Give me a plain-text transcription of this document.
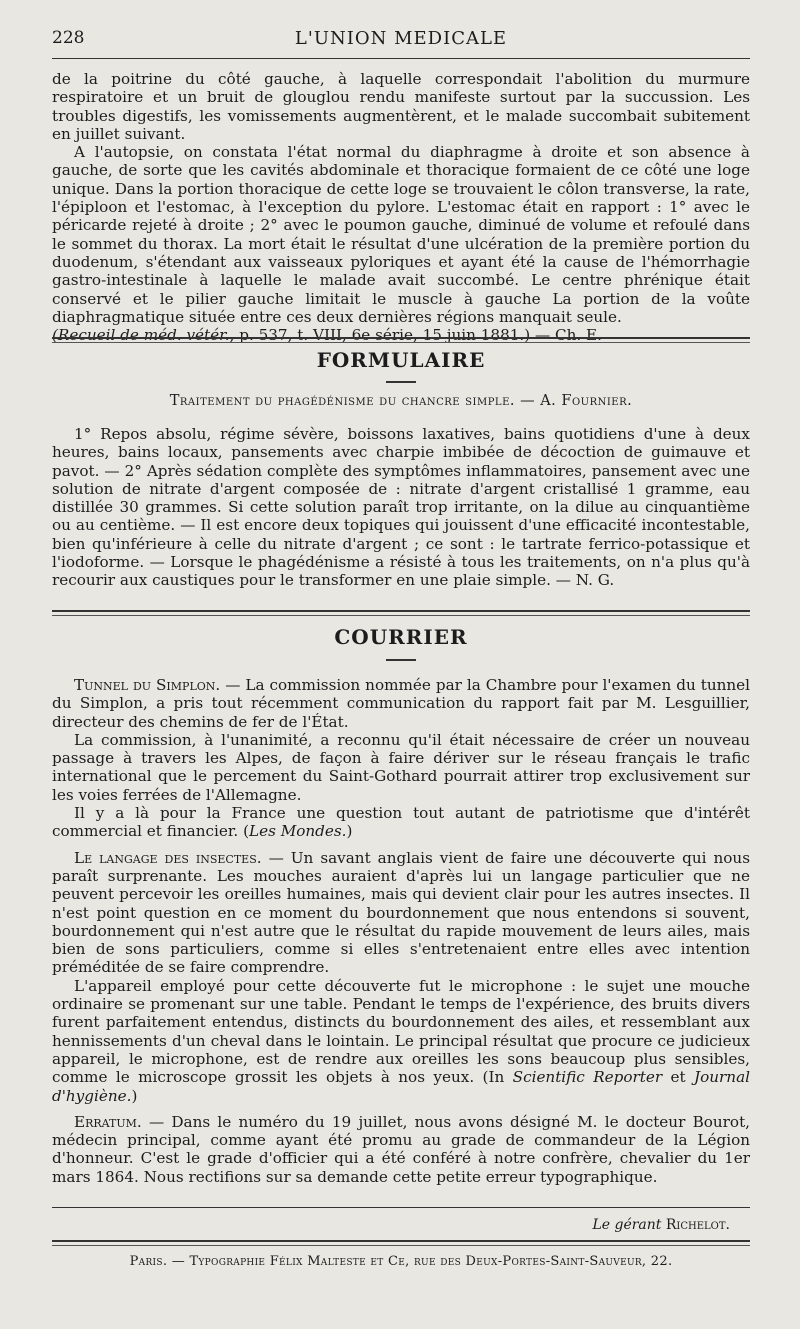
228	L'UNION MEDICALE

de la poitrine du côté gauche, à laquelle correspondait l'abolition du murmure respiratoire et un bruit de glouglou rendu manifeste surtout par la succussion. Les troubles digestifs, les vomissements augmentèrent, et le malade succombait subitement en juillet suivant.

A l'autopsie, on constata l'état normal du diaphragme à droite et son absence à gauche, de sorte que les cavités abdominale et thoracique formaient de ce côté une loge unique. Dans la portion thoracique de cette loge se trouvaient le côlon transverse, la rate, l'épiploon et l'estomac, à l'exception du pylore. L'estomac était en rapport : 1° avec le péricarde rejeté à droite ; 2° avec le poumon gauche, diminué de volume et refoulé dans le sommet du thorax. La mort était le résultat d'une ulcération de la première portion du duodenum, s'étendant aux vaisseaux pyloriques et ayant été la cause de l'hémorrhagie gastro-intestinale à laquelle le malade avait succombé. Le centre phrénique était conservé et le pilier gauche limitait le muscle à gauche La portion de la voûte diaphragmatique située entre ces deux dernières régions manquait seule.

(Recueil de méd. vétér., p. 537, t. VIII, 6e série, 15 juin 1881.) — Ch. E.

FORMULAIRE
Traitement du phagédénisme du chancre simple. — A. Fournier.

1° Repos absolu, régime sévère, boissons laxatives, bains quotidiens d'une à deux heures, bains locaux, pansements avec charpie imbibée de décoction de guimauve et pavot. — 2° Après sédation complète des symptômes inflammatoires, pansement avec une solution de nitrate d'argent composée de : nitrate d'argent cristallisé 1 gramme, eau distillée 30 grammes. Si cette solution paraît trop irritante, on la dilue au cinquantième ou au centième. — Il est encore deux topiques qui jouissent d'une efficacité incontestable, bien qu'inférieure à celle du nitrate d'argent ; ce sont : le tartrate ferrico-potassique et l'iodoforme. — Lorsque le phagédénisme a résisté à tous les traitements, on n'a plus qu'à recourir aux caustiques pour le transformer en une plaie simple. — N. G.

COURRIER

Tunnel du Simplon. — La commission nommée par la Chambre pour l'examen du tunnel du Simplon, a pris tout récemment communication du rapport fait par M. Lesguillier, directeur des chemins de fer de l'État.

La commission, à l'unanimité, a reconnu qu'il était nécessaire de créer un nouveau passage à travers les Alpes, de façon à faire dériver sur le réseau français le trafic international que le percement du Saint-Gothard pourrait attirer trop exclusivement sur les voies ferrées de l'Allemagne.

Il y a là pour la France une question tout autant de patriotisme que d'intérêt commercial et financier. (Les Mondes.)

Le langage des insectes. — Un savant anglais vient de faire une découverte qui nous paraît surprenante. Les mouches auraient d'après lui un langage particulier que ne peuvent percevoir les oreilles humaines, mais qui devient clair pour les autres insectes. Il n'est point question en ce moment du bourdonnement que nous entendons si souvent, bourdonnement qui n'est autre que le résultat du rapide mouvement de leurs ailes, mais bien de sons particuliers, comme si elles s'entretenaient entre elles avec intention préméditée de se faire comprendre.

L'appareil employé pour cette découverte fut le microphone : le sujet une mouche ordinaire se promenant sur une table. Pendant le temps de l'expérience, des bruits divers furent parfaitement entendus, distincts du bourdonnement des ailes, et ressemblant aux hennissements d'un cheval dans le lointain. Le principal résultat que procure ce judicieux appareil, le microphone, est de rendre aux oreilles les sons beaucoup plus sensibles, comme le microscope grossit les objets à nos yeux. (In Scientific Reporter et Journal d'hygiène.)

Erratum. — Dans le numéro du 19 juillet, nous avons désigné M. le docteur Bourot, médecin principal, comme ayant été promu au grade de commandeur de la Légion d'honneur. C'est le grade d'officier qui a été conféré à notre confrère, chevalier du 1er mars 1864. Nous rectifions sur sa demande cette petite erreur typographique.

Le gérant Richelot.
Paris. — Typographie Félix Malteste et Ce, rue des Deux-Portes-Saint-Sauveur, 22.
